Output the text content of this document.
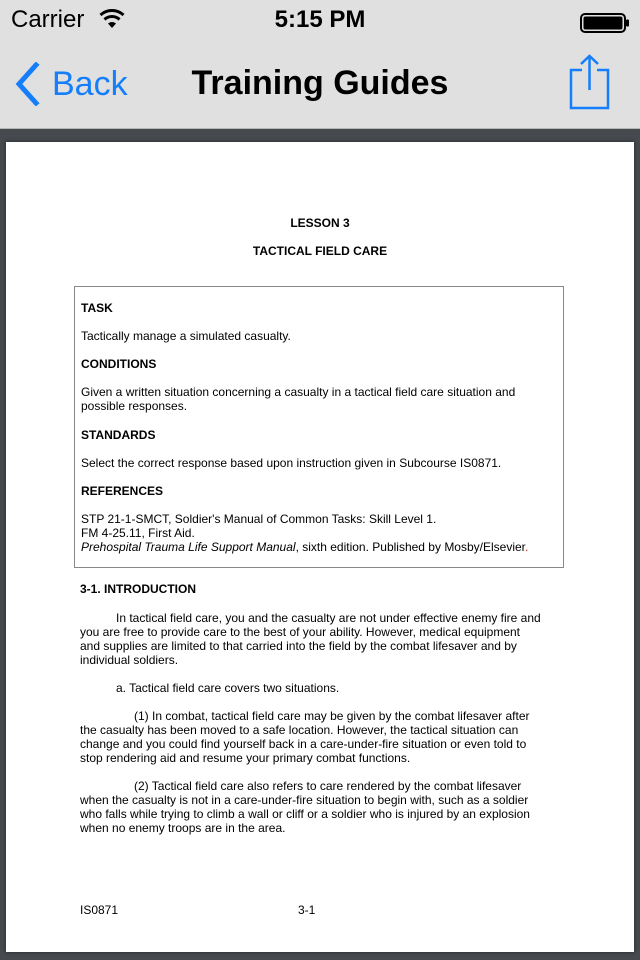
Carrier	5:15 PM
Back	Training Guides
LESSON 3
TACTICAL FIELD CARE
TASK
Tactically manage a simulated casualty.
CONDITIONS
Given a written situation concerning a casualty in a tactical field care situation and
possible responses.
STANDARDS
Select the correct response based upon instruction given in Subcourse IS0871.
REFERENCES
STP 21-1-SMCT, Soldier's Manual of Common Tasks: Skill Level 1.
FM 4-25.11, First Aid.
Prehospital Trauma Life Support Manual, sixth edition. Published by Mosby/Elsevier.
3-1. INTRODUCTION
In tactical field care, you and the casualty are not under effective enemy fire and
you are free to provide care to the best of your ability. However, medical equipment
and supplies are limited to that carried into the field by the combat lifesaver and by
individual soldiers.
a. Tactical field care covers two situations.
(1) In combat, tactical field care may be given by the combat lifesaver after
the casualty has been moved to a safe location. However, the tactical situation can
change and you could find yourself back in a care-under-fire situation or even told to
stop rendering aid and resume your primary combat functions.
(2) Tactical field care also refers to care rendered by the combat lifesaver
when the casualty is not in a care-under-fire situation to begin with, such as a soldier
who falls while trying to climb a wall or cliff or a soldier who is injured by an explosion
when no enemy troops are in the area.
IS0871	3-1
